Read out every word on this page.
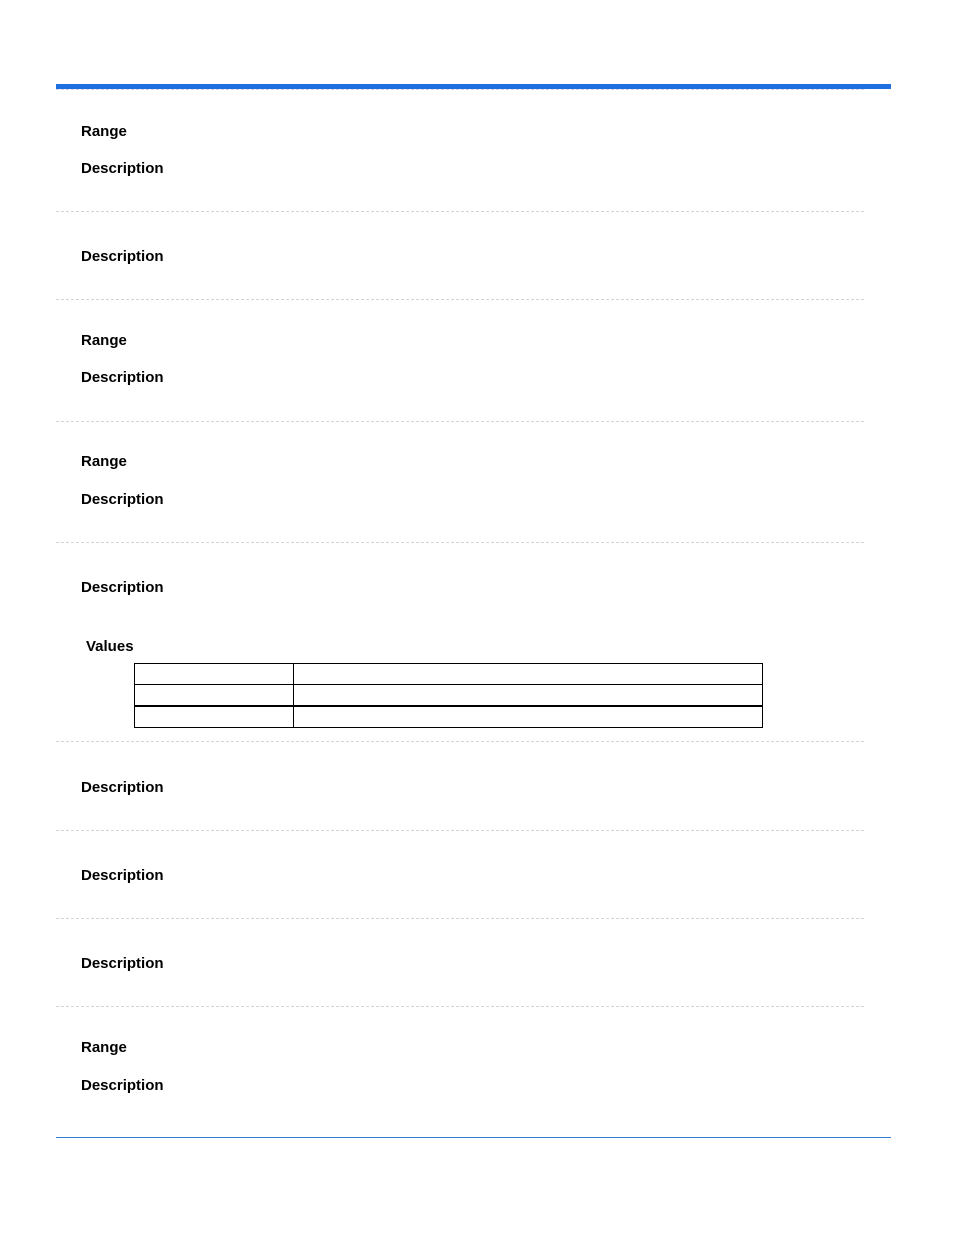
Range
Description
Description
Range
Description
Range
Description
Description
Values

Description
Description
Description
Range
Description
